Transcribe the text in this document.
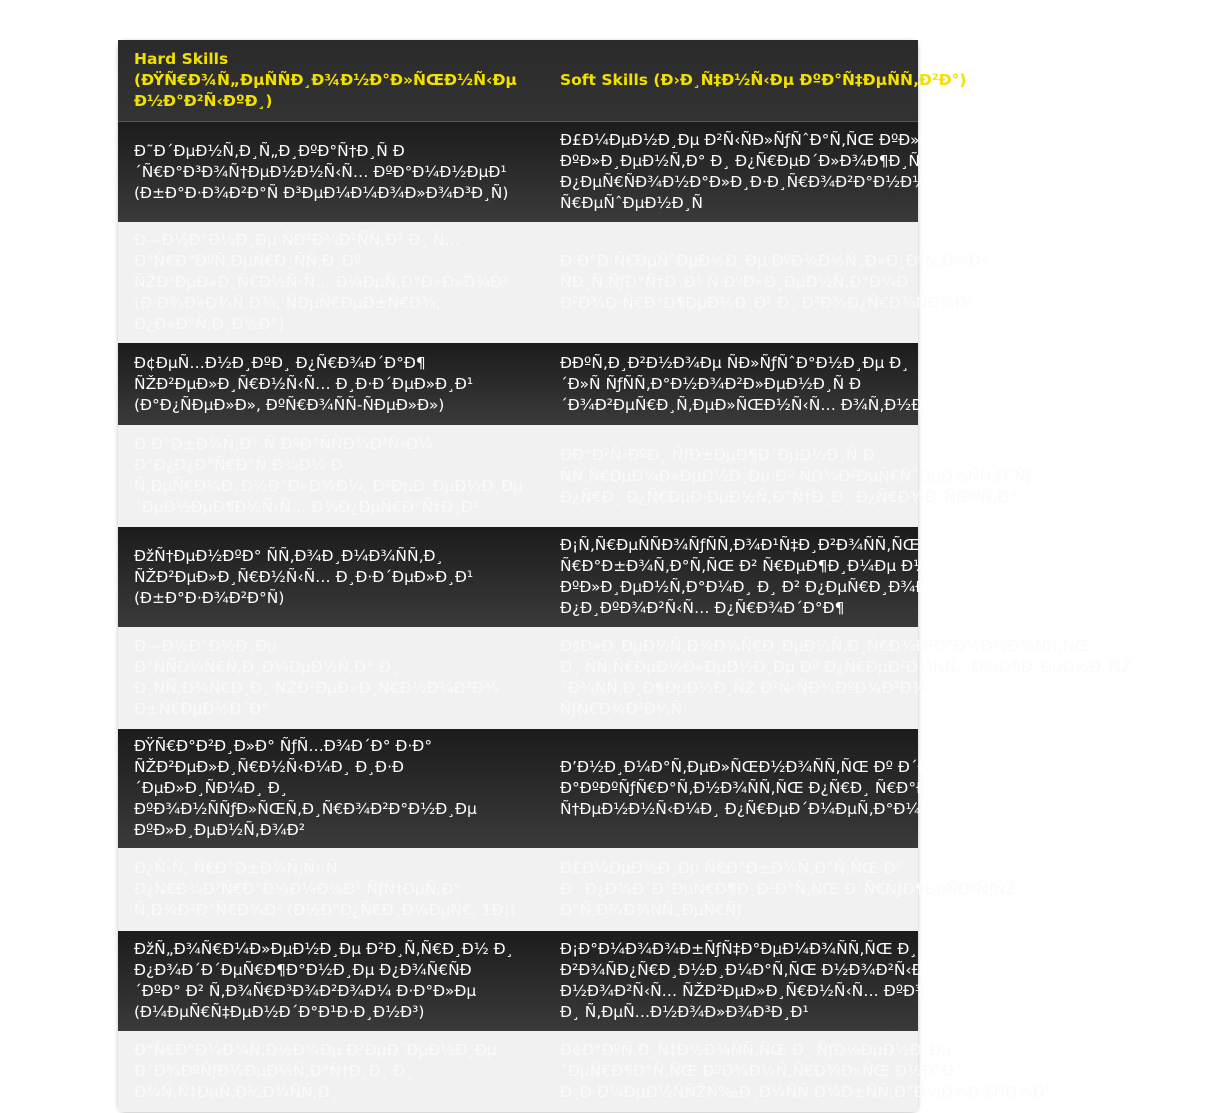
Hard Skills
(ÐŸÑ€Ð¾Ñ„ÐµÑÑÐ¸Ð¾Ð½Ð°Ð»ÑŒÐ½Ñ‹Ðµ
Ð½Ð°Ð²Ñ‹ÐºÐ¸)
Soft Skills (Ð›Ð¸Ñ‡Ð½Ñ‹Ðµ ÐºÐ°Ñ‡ÐµÑÑ‚Ð²Ð°)
Ð˜Ð´ÐµÐ½Ñ‚Ð¸Ñ„Ð¸ÐºÐ°Ñ†Ð¸Ñ Ð
´Ñ€Ð°Ð³Ð¾Ñ†ÐµÐ½Ð½Ñ‹Ñ… ÐºÐ°Ð¼Ð½ÐµÐ¹
(Ð±Ð°Ð·Ð¾Ð²Ð°Ñ Ð³ÐµÐ¼Ð¼Ð¾Ð»Ð¾Ð³Ð¸Ñ)
Ð£Ð¼ÐµÐ½Ð¸Ðµ Ð²Ñ‹ÑÐ»ÑƒÑˆÐ°Ñ‚ÑŒ ÐºÐ»Ð¸ÐµÐ½Ñ‚Ð°
ÐºÐ»Ð¸ÐµÐ½Ñ‚Ð° Ð¸ Ð¿Ñ€ÐµÐ´Ð»Ð¾Ð¶Ð¸Ñ‚ÑŒ
Ð¿ÐµÑ€ÑÐ¾Ð½Ð°Ð»Ð¸Ð·Ð¸Ñ€Ð¾Ð²Ð°Ð½Ð½Ñ‹Ðµ
Ñ€ÐµÑˆÐµÐ½Ð¸Ñ
Ð—Ð½Ð°Ð½Ð¸Ðµ ÑÐ²Ð¾Ð¹ÑÑ‚Ð² Ð¸ Ñ…
Ð°Ñ€Ð°ÐºÑ‚ÐµÑ€Ð¸ÑÑ‚Ð¸Ðº
ÑŽÐ²ÐµÐ»Ð¸Ñ€Ð½Ñ‹Ñ… Ð¼ÐµÑ‚Ð°Ð»Ð»Ð¾Ð²
(Ð·Ð¾Ð»Ð¾Ñ‚Ð¾, ÑÐµÑ€ÐµÐ±Ñ€Ð¾,
Ð¿Ð»Ð°Ñ‚Ð¸Ð½Ð°)
Ð Ð°Ð·Ñ€ÐµÑˆÐµÐ½Ð¸Ðµ ÐºÐ¾Ð½Ñ„Ð»Ð¸ÐºÑ‚Ð¾Ð²
ÑÐ¸Ñ‚ÑƒÐ°Ñ†Ð¸Ð¹ Ñ ÐºÐ»Ð¸ÐµÐ½Ñ‚Ð°Ð¼Ð¸
Ð²Ð¾Ð·Ñ€Ð°Ð¶ÐµÐ½Ð¸Ð¹ Ð¸ Ð²Ð¾Ð¿Ñ€Ð¾ÑÐ¾Ð²
Ð¢ÐµÑ…Ð½Ð¸ÐºÐ¸ Ð¿Ñ€Ð¾Ð´Ð°Ð¶
ÑŽÐ²ÐµÐ»Ð¸Ñ€Ð½Ñ‹Ñ… Ð¸Ð·Ð´ÐµÐ»Ð¸Ð¹
(Ð°Ð¿ÑÐµÐ»Ð», ÐºÑ€Ð¾ÑÑ-ÑÐµÐ»Ð»)
ÐÐºÑ‚Ð¸Ð²Ð½Ð¾Ðµ ÑÐ»ÑƒÑˆÐ°Ð½Ð¸Ðµ Ð¸
´Ð»Ñ ÑƒÑÑ‚Ð°Ð½Ð¾Ð²Ð»ÐµÐ½Ð¸Ñ Ð
´Ð¾Ð²ÐµÑ€Ð¸Ñ‚ÐµÐ»ÑŒÐ½Ñ‹Ñ… Ð¾Ñ‚Ð½Ð¾ÑˆÐµÐ½Ð¸Ð¹
Ð Ð°Ð±Ð¾Ñ‚Ð° Ñ ÐºÐ°ÑÑÐ¾Ð²Ñ‹Ð¼
Ð°Ð¿Ð¿Ð°Ñ€Ð°Ñ‚Ð¾Ð¼ Ð¸
Ñ‚ÐµÑ€Ð¼Ð¸Ð½Ð°Ð»Ð¾Ð¼, Ð²ÐµÐ´ÐµÐ½Ð¸Ðµ
´ÐµÐ½ÐµÐ¶Ð½Ñ‹Ñ… Ð¾Ð¿ÐµÑ€Ð°Ñ†Ð¸Ð¹
ÐÐ°Ð²Ñ‹ÐºÐ¸ ÑƒÐ±ÐµÐ¶Ð´ÐµÐ½Ð¸Ñ Ð¸
ÑÑ‚Ñ€ÐµÐ¼Ð»ÐµÐ½Ð¸Ðµ Ðº ÑÐ¾Ð²ÐµÑ€ÑˆÐµÐ½ÑÑ‚Ð²Ñƒ
Ð¿Ñ€Ð¸ Ð¿Ñ€ÐµÐ·ÐµÐ½Ñ‚Ð°Ñ†Ð¸Ð¸ Ð¿Ñ€Ð¾Ð´ÑƒÐºÑ‚Ð°
ÐžÑ†ÐµÐ½ÐºÐ° ÑÑ‚Ð¾Ð¸Ð¼Ð¾ÑÑ‚Ð¸
ÑŽÐ²ÐµÐ»Ð¸Ñ€Ð½Ñ‹Ñ… Ð¸Ð·Ð´ÐµÐ»Ð¸Ð¹
(Ð±Ð°Ð·Ð¾Ð²Ð°Ñ)
Ð¡Ñ‚Ñ€ÐµÑÑÐ¾ÑƒÑÑ‚Ð¾Ð¹Ñ‡Ð¸Ð²Ð¾ÑÑ‚ÑŒ
Ñ€Ð°Ð±Ð¾Ñ‚Ð°Ñ‚ÑŒ Ð² Ñ€ÐµÐ¶Ð¸Ð¼Ðµ Ð¼Ð½Ð¾Ð³Ð¾Ð·Ð°Ð´Ð°Ñ‡Ð½Ð¾ÑÑ‚Ð¸
ÐºÐ»Ð¸ÐµÐ½Ñ‚Ð°Ð¼Ð¸ Ð¸ Ð² Ð¿ÐµÑ€Ð¸Ð¾Ð´Ñ‹
Ð¿Ð¸ÐºÐ¾Ð²Ñ‹Ñ… Ð¿Ñ€Ð¾Ð´Ð°Ð¶
Ð—Ð½Ð°Ð½Ð¸Ðµ
Ð°ÑÑÐ¾Ñ€Ñ‚Ð¸Ð¼ÐµÐ½Ñ‚Ð° Ð¸
Ð¸ÑÑ‚Ð¾Ñ€Ð¸Ð¸ ÑŽÐ²ÐµÐ»Ð¸Ñ€Ð½Ð¾Ð³Ð¾
Ð±Ñ€ÐµÐ½Ð´Ð°
ÐšÐ»Ð¸ÐµÐ½Ñ‚Ð¾Ð¾Ñ€Ð¸ÐµÐ½Ñ‚Ð¸Ñ€Ð¾Ð²Ð°Ð½Ð½Ð¾ÑÑ‚ÑŒ
Ð¸ ÑÑ‚Ñ€ÐµÐ¼Ð»ÐµÐ½Ð¸Ðµ Ðº Ð¿Ñ€ÐµÐ²Ð¾ÑÑ…Ð¾Ð¶Ð´ÐµÐ½Ð¸ÑŽ
´Ð¾ÑÑ‚Ð¸Ð¶ÐµÐ½Ð¸ÑŽ Ð²Ñ‹ÑÐ¾ÐºÐ¾Ð³Ð¾
ÑƒÑ€Ð¾Ð²Ð½Ñ
ÐŸÑ€Ð°Ð²Ð¸Ð»Ð° ÑƒÑ…Ð¾Ð´Ð° Ð·Ð°
ÑŽÐ²ÐµÐ»Ð¸Ñ€Ð½Ñ‹Ð¼Ð¸ Ð¸Ð·Ð
´ÐµÐ»Ð¸ÑÐ¼Ð¸ Ð¸
ÐºÐ¾Ð½ÑÑƒÐ»ÑŒÑ‚Ð¸Ñ€Ð¾Ð²Ð°Ð½Ð¸Ðµ
ÐºÐ»Ð¸ÐµÐ½Ñ‚Ð¾Ð²
Ð’Ð½Ð¸Ð¼Ð°Ñ‚ÐµÐ»ÑŒÐ½Ð¾ÑÑ‚ÑŒ Ðº Ð´ÐµÑ‚Ð°Ð»ÑÐ¼
Ð°ÐºÐºÑƒÑ€Ð°Ñ‚Ð½Ð¾ÑÑ‚ÑŒ Ð¿Ñ€Ð¸ Ñ€Ð°Ð±Ð¾Ñ‚Ðµ
Ñ†ÐµÐ½Ð½Ñ‹Ð¼Ð¸ Ð¿Ñ€ÐµÐ´Ð¼ÐµÑ‚Ð°Ð¼Ð¸
Ð¿Ñ‹Ñ‚ Ñ€Ð°Ð±Ð¾Ñ‚Ñ‹ Ñ
Ð¿Ñ€Ð¾Ð³Ñ€Ð°Ð¼Ð¼Ð¾Ð¹ ÑƒÑ‡ÐµÑ‚Ð°
Ñ‚Ð¾Ð²Ð°Ñ€Ð¾Ð² (Ð½Ð°Ð¿Ñ€Ð¸Ð¼ÐµÑ€, 1Ð¡)
Ð£Ð¼ÐµÐ½Ð¸Ðµ Ñ€Ð°Ð±Ð¾Ñ‚Ð°Ñ‚ÑŒ Ð²
Ð¸ Ð¿Ð¾Ð´Ð´ÐµÑ€Ð¶Ð¸Ð²Ð°Ñ‚ÑŒ Ð´Ñ€ÑƒÐ¶ÐµÑÐºÑƒÑŽ
Ð°Ñ‚Ð¼Ð¾ÑÑ„ÐµÑ€Ñƒ
ÐžÑ„Ð¾Ñ€Ð¼Ð»ÐµÐ½Ð¸Ðµ Ð²Ð¸Ñ‚Ñ€Ð¸Ð½ Ð¸
Ð¿Ð¾Ð´Ð´ÐµÑ€Ð¶Ð°Ð½Ð¸Ðµ Ð¿Ð¾Ñ€ÑÐ
´ÐºÐ° Ð² Ñ‚Ð¾Ñ€Ð³Ð¾Ð²Ð¾Ð¼ Ð·Ð°Ð»Ðµ
(Ð¼ÐµÑ€Ñ‡ÐµÐ½Ð´Ð°Ð¹Ð·Ð¸Ð½Ð³)
Ð¡Ð°Ð¼Ð¾Ð¾Ð±ÑƒÑ‡Ð°ÐµÐ¼Ð¾ÑÑ‚ÑŒ Ð¸ Ð³Ð¾Ñ‚Ð¾Ð²Ð½Ð¾ÑÑ‚ÑŒ
Ð²Ð¾ÑÐ¿Ñ€Ð¸Ð½Ð¸Ð¼Ð°Ñ‚ÑŒ Ð½Ð¾Ð²Ñ‹Ðµ Ð·Ð½Ð°Ð½Ð¸Ñ
Ð½Ð¾Ð²Ñ‹Ñ… ÑŽÐ²ÐµÐ»Ð¸Ñ€Ð½Ñ‹Ñ… ÐºÐ¾Ð»Ð»ÐµÐºÑ†Ð¸Ð¹
Ð¸ Ñ‚ÐµÑ…Ð½Ð¾Ð»Ð¾Ð³Ð¸Ð¹
Ð“Ñ€Ð°Ð¼Ð¾Ñ‚Ð½Ð¾Ðµ Ð²ÐµÐ´ÐµÐ½Ð¸Ðµ
Ð´Ð¾ÐºÑƒÐ¼ÐµÐ½Ñ‚Ð°Ñ†Ð¸Ð¸ Ð¸
Ð¾Ñ‚Ñ‡ÐµÑ‚Ð½Ð¾ÑÑ‚Ð¸
Ð¢Ð°ÐºÑ‚Ð¸Ñ‡Ð½Ð¾ÑÑ‚ÑŒ Ð¸ ÑƒÐ¼ÐµÐ½Ð¸Ðµ
´ÐµÑ€Ð¶Ð°Ñ‚ÑŒ ÐºÐ¾Ð½Ñ‚Ñ€Ð¾Ð»ÑŒ Ð½Ð°Ð´
Ð¸Ð·Ð¼ÐµÐ½ÑÑŽÑ‰Ð¸Ð¼ÑÑ Ð¾Ð±ÑÑ‚Ð°Ð½Ð¾Ð²ÐºÐ¾Ð¹
